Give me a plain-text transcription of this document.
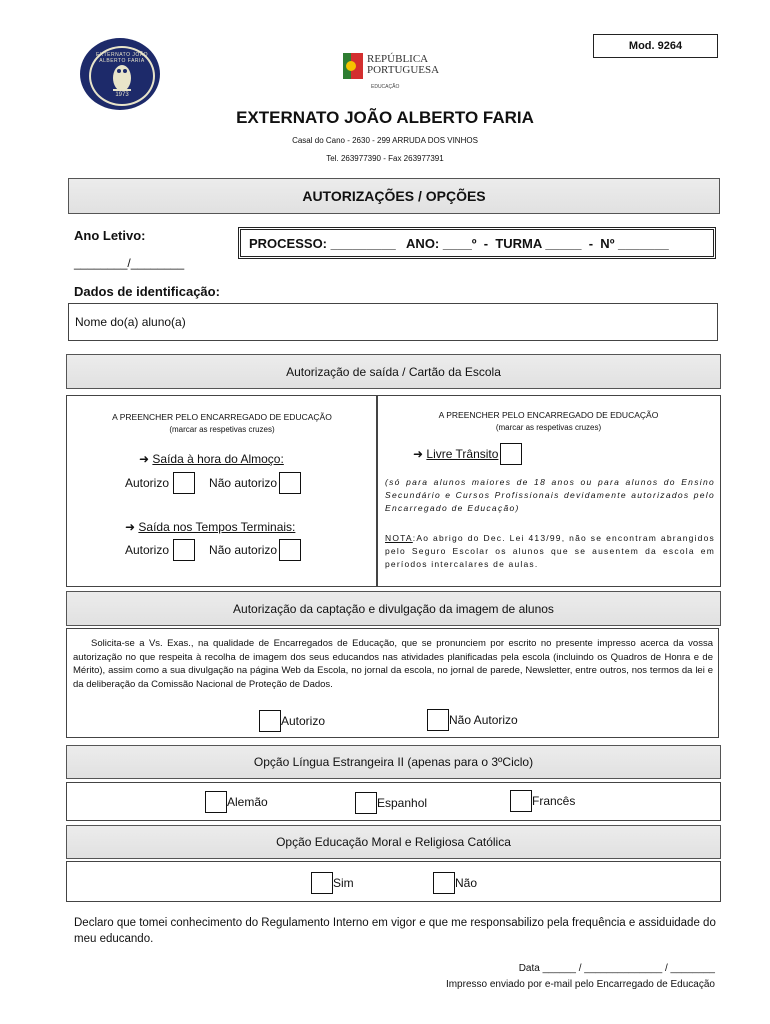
Mod. 9264
EXTERNATO JOÃO ALBERTO FARIA
1973
REPÚBLICA
PORTUGUESA
EDUCAÇÃO
EXTERNATO JOÃO ALBERTO FARIA
Casal do Cano - 2630 - 299 ARRUDA DOS VINHOS
Tel. 263977390 - Fax 263977391
AUTORIZAÇÕES / OPÇÕES
Ano Letivo:
________/________
PROCESSO: _________   ANO: ____º  -  TURMA _____  -  Nº _______
Dados de identificação:
Nome do(a) aluno(a)
Autorização de saída / Cartão da Escola
A PREENCHER PELO ENCARREGADO DE EDUCAÇÃO
(marcar as respetivas cruzes)
➜ Saída à hora do Almoço:
Autorizo	Não autorizo
➜ Saída nos Tempos Terminais:
Autorizo	Não autorizo
A PREENCHER PELO ENCARREGADO DE EDUCAÇÃO
(marcar as respetivas cruzes)
➜ Livre Trânsito

(só para alunos maiores de 18 anos ou para alunos do Ensino Secundário e Cursos Profissionais devidamente autorizados pelo Encarregado de Educação)

NOTA:Ao abrigo do Dec. Lei 413/99, não se encontram abrangidos pelo Seguro Escolar os alunos que se ausentem da escola em períodos intercalares de aulas.

Autorização da captação e divulgação da imagem de alunos

Solicita-se a Vs. Exas., na qualidade de Encarregados de Educação, que se pronunciem por escrito no presente impresso acerca da vossa autorização no que respeita à recolha de imagem dos seus educandos nas atividades planificadas pela escola (incluindo os Quadros de Honra e de Mérito), assim como a sua divulgação na página Web da Escola, no jornal da escola, no jornal de parede, Newsletter, entre outros, nos termos da lei e da deliberação da Comissão Nacional de Proteção de Dados.

Autorizo	Não Autorizo
Opção Língua Estrangeira II (apenas para o 3ºCiclo)
Alemão	Espanhol	Francês
Opção Educação Moral e Religiosa Católica
Sim	Não

Declaro que tomei conhecimento do Regulamento Interno em vigor e que me responsabilizo pela frequência e assiduidade do meu educando.

Data ______ / ______________ / ________
Impresso enviado por e-mail pelo Encarregado de Educação
